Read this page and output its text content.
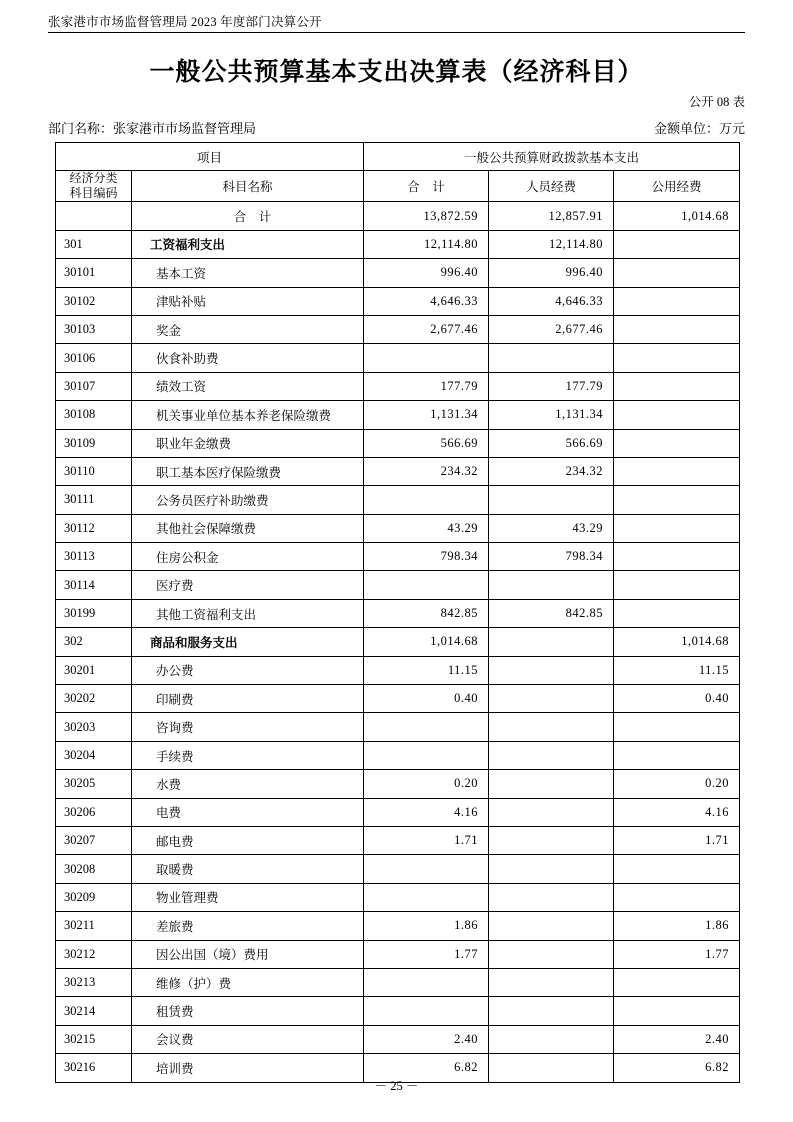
张家港市市场监督管理局 2023 年度部门决算公开
一般公共预算基本支出决算表（经济科目）
公开 08 表
部门名称：张家港市市场监督管理局	金额单位：万元
项目		一般公共预算财政拨款基本支出		

经济分类
科目编码	科目名称	合　计	人员经费	公用经费
	合　计	13,872.59	12,857.91	1,014.68
301	工资福利支出	12,114.80	12,114.80	
30101	基本工资	996.40	996.40	
30102	津贴补贴	4,646.33	4,646.33	
30103	奖金	2,677.46	2,677.46	
30106	伙食补助费			
30107	绩效工资	177.79	177.79	
30108	机关事业单位基本养老保险缴费	1,131.34	1,131.34	
30109	职业年金缴费	566.69	566.69	
30110	职工基本医疗保险缴费	234.32	234.32	
30111	公务员医疗补助缴费			
30112	其他社会保障缴费	43.29	43.29	
30113	住房公积金	798.34	798.34	
30114	医疗费			
30199	其他工资福利支出	842.85	842.85	
302	商品和服务支出	1,014.68		1,014.68
30201	办公费	11.15		11.15
30202	印刷费	0.40		0.40
30203	咨询费			
30204	手续费			
30205	水费	0.20		0.20
30206	电费	4.16		4.16
30207	邮电费	1.71		1.71
30208	取暖费			
30209	物业管理费			
30211	差旅费	1.86		1.86
30212	因公出国（境）费用	1.77		1.77
30213	维修（护）费			
30214	租赁费			
30215	会议费	2.40		2.40
30216	培训费	6.82		6.82
－ 25 －
